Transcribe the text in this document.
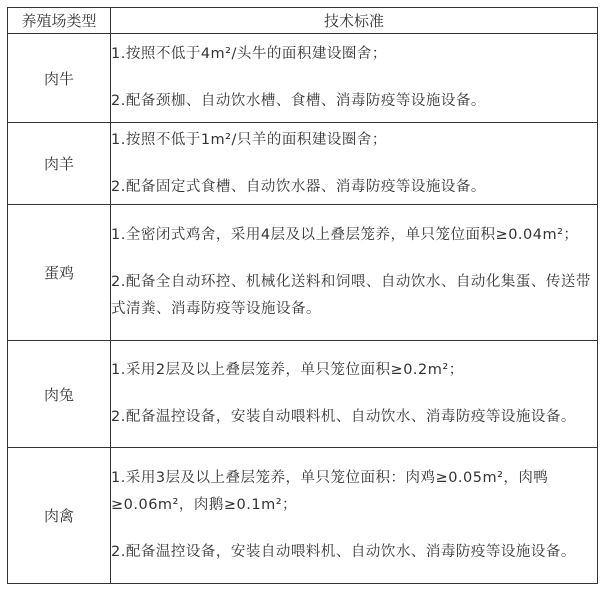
养殖场类型	技术标准
肉牛	1.按照不低于4m²/头牛的面积建设圈舍；

2.配备颈枷、自动饮水槽、食槽、消毒防疫等设施设备。

肉羊	1.按照不低于1m²/只羊的面积建设圈舍；

2.配备固定式食槽、自动饮水器、消毒防疫等设施设备。

蛋鸡	1.全密闭式鸡舍，采用4层及以上叠层笼养，单只笼位面积≥0.04m²；

2.配备全自动环控、机械化送料和饲喂、自动饮水、自动化集蛋、传送带式清粪、消毒防疫等设施设备。

肉兔	1.采用2层及以上叠层笼养，单只笼位面积≥0.2m²；

2.配备温控设备，安装自动喂料机、自动饮水、消毒防疫等设施设备。

肉禽	1.采用3层及以上叠层笼养，单只笼位面积：肉鸡≥0.05m²，肉鸭≥0.06m²，肉鹅≥0.1m²；

2.配备温控设备，安装自动喂料机、自动饮水、消毒防疫等设施设备。
